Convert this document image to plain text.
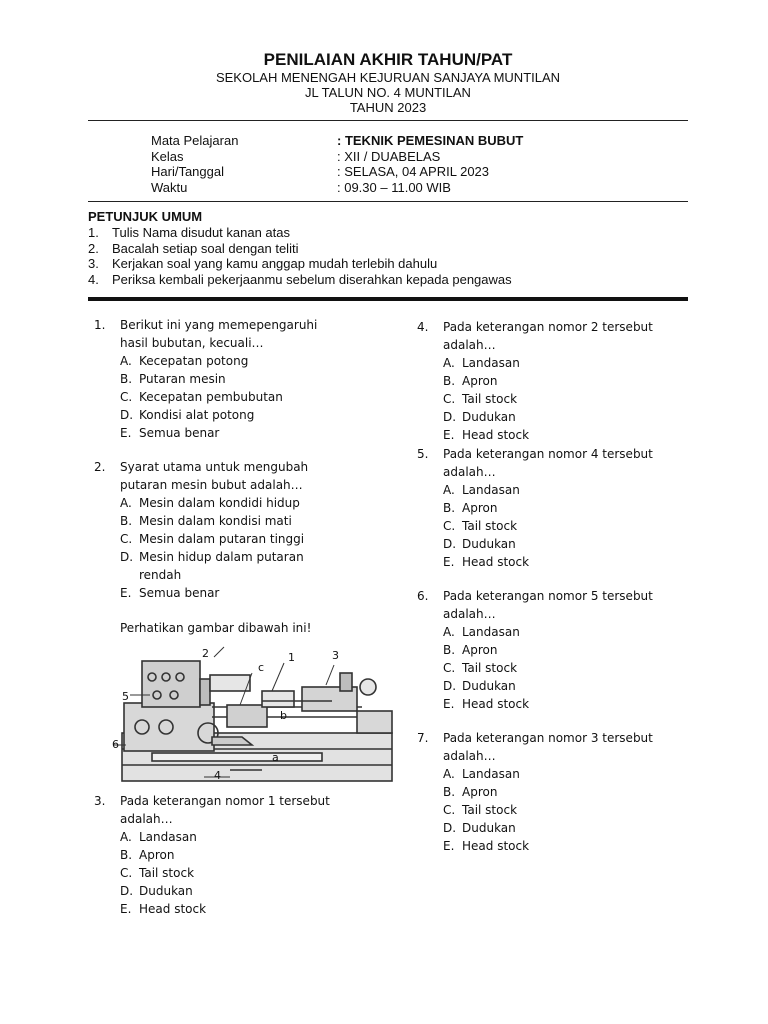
PENILAIAN AKHIR TAHUN/PAT
SEKOLAH MENENGAH KEJURUAN SANJAYA MUNTILAN
JL TALUN NO. 4 MUNTILAN
TAHUN 2023
Mata Pelajaran	: TEKNIK PEMESINAN BUBUT
Kelas	: XII / DUABELAS
Hari/Tanggal	: SELASA, 04 APRIL 2023
Waktu	: 09.30 – 11.00 WIB
PETUNJUK UMUM
1. Tulis Nama disudut kanan atas
2. Bacalah setiap soal dengan teliti
3. Kerjakan soal yang kamu anggap mudah terlebih dahulu
4. Periksa kembali pekerjaanmu sebelum diserahkan kepada pengawas
1. Berikut ini yang memepengaruhi
hasil bubutan, kecuali…
A. Kecepatan potong
B. Putaran mesin
C. Kecepatan pembubutan
D. Kondisi alat potong
E. Semua benar
2. Syarat utama untuk mengubah
putaran mesin bubut adalah…
A. Mesin dalam kondidi hidup
B. Mesin dalam kondisi mati
C. Mesin dalam putaran tinggi
D. Mesin hidup dalam putaran
rendah
E. Semua benar
Perhatikan gambar dibawah ini!
1
2	3
4
5
6
a
b
c
3. Pada keterangan nomor 1 tersebut
adalah…
A. Landasan
B. Apron
C. Tail stock
D. Dudukan
E. Head stock
4. Pada keterangan nomor 2 tersebut
adalah…
A. Landasan
B. Apron
C. Tail stock
D. Dudukan
E. Head stock
5. Pada keterangan nomor 4 tersebut
adalah…
A. Landasan
B. Apron
C. Tail stock
D. Dudukan
E. Head stock
6. Pada keterangan nomor 5 tersebut
adalah…
A. Landasan
B. Apron
C. Tail stock
D. Dudukan
E. Head stock
7. Pada keterangan nomor 3 tersebut
adalah…
A. Landasan
B. Apron
C. Tail stock
D. Dudukan
E. Head stock
